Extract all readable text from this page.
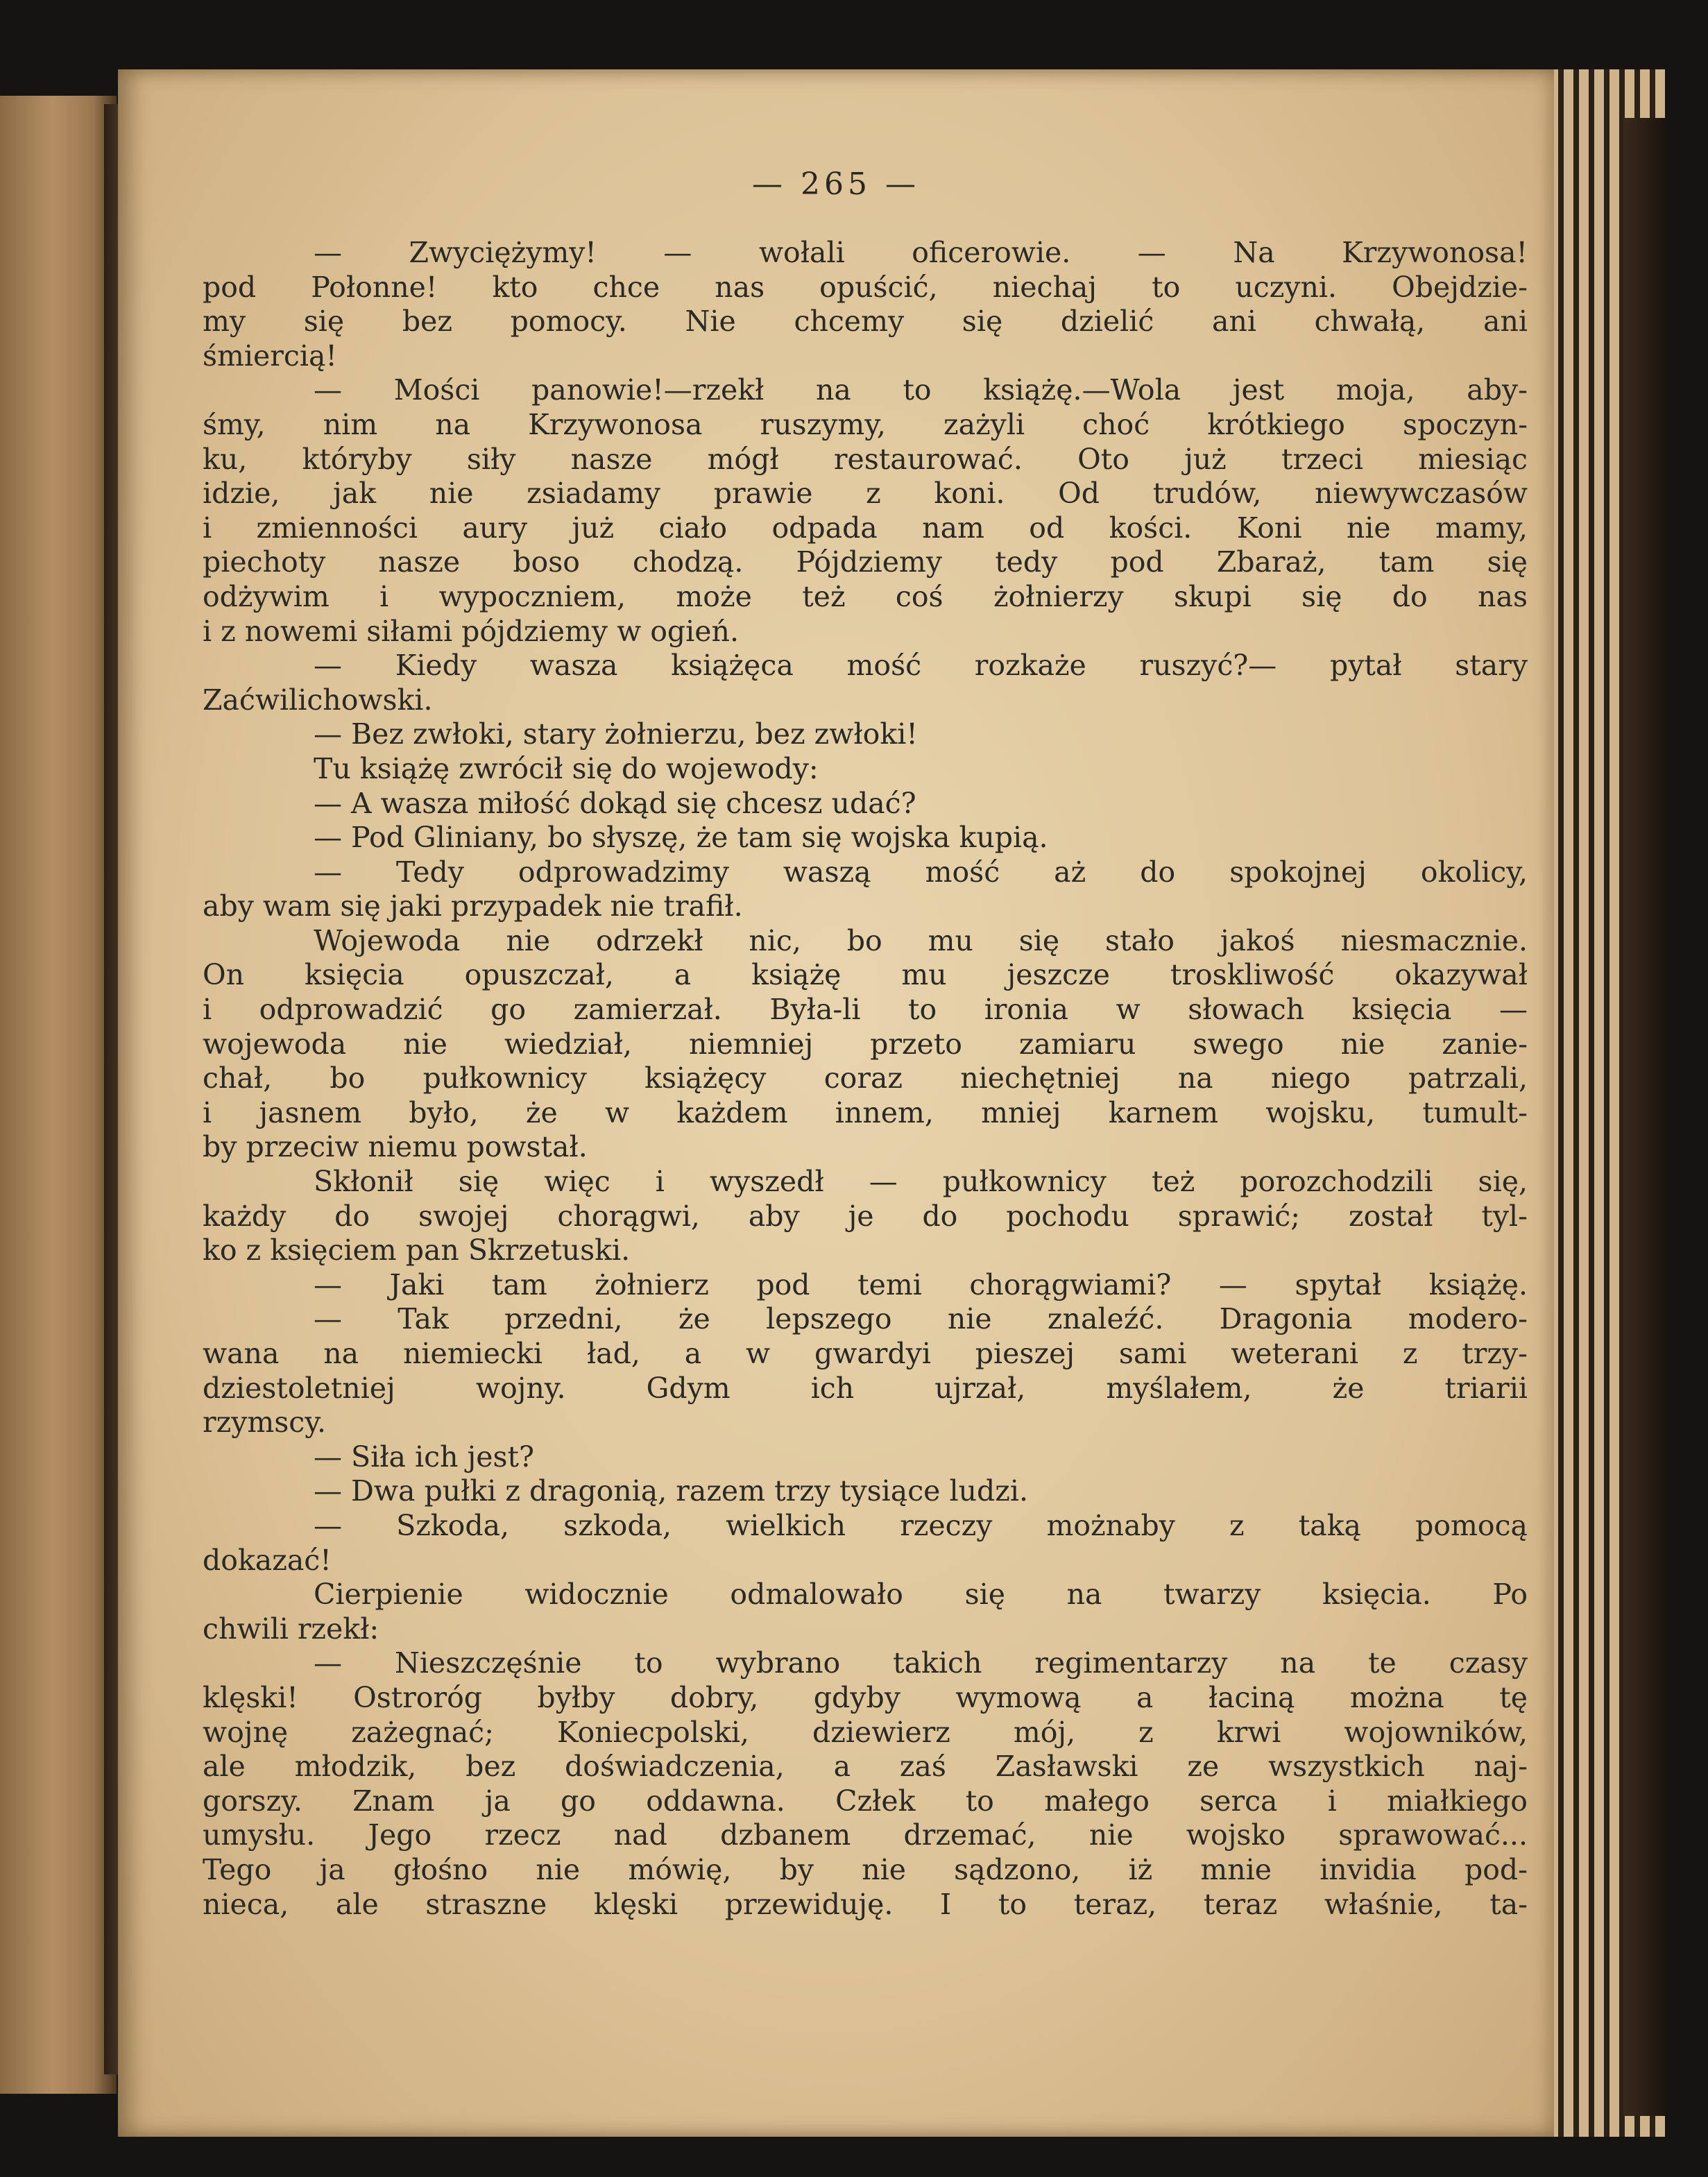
— 265 —
— Zwyciężymy! — wołali oficerowie. — Na Krzywonosa!
pod Połonne! kto chce nas opuścić, niechaj to uczyni. Obejdzie-
my się bez pomocy. Nie chcemy się dzielić ani chwałą, ani
śmiercią!
— Mości panowie!—rzekł na to książę.—Wola jest moja, aby-
śmy, nim na Krzywonosa ruszymy, zażyli choć krótkiego spoczyn-
ku, któryby siły nasze mógł restaurować. Oto już trzeci miesiąc
idzie, jak nie zsiadamy prawie z koni. Od trudów, niewywczasów
i zmienności aury już ciało odpada nam od kości. Koni nie mamy,
piechoty nasze boso chodzą. Pójdziemy tedy pod Zbaraż, tam się
odżywim i wypoczniem, może też coś żołnierzy skupi się do nas
i z nowemi siłami pójdziemy w ogień.
— Kiedy wasza książęca mość rozkaże ruszyć?— pytał stary
Zaćwilichowski.
— Bez zwłoki, stary żołnierzu, bez zwłoki!
Tu książę zwrócił się do wojewody:
— A wasza miłość dokąd się chcesz udać?
— Pod Gliniany, bo słyszę, że tam się wojska kupią.
— Tedy odprowadzimy waszą mość aż do spokojnej okolicy,
aby wam się jaki przypadek nie trafił.
Wojewoda nie odrzekł nic, bo mu się stało jakoś niesmacznie.
On księcia opuszczał, a książę mu jeszcze troskliwość okazywał
i odprowadzić go zamierzał. Była-li to ironia w słowach księcia —
wojewoda nie wiedział, niemniej przeto zamiaru swego nie zanie-
chał, bo pułkownicy książęcy coraz niechętniej na niego patrzali,
i jasnem było, że w każdem innem, mniej karnem wojsku, tumult-
by przeciw niemu powstał.
Skłonił się więc i wyszedł — pułkownicy też porozchodzili się,
każdy do swojej chorągwi, aby je do pochodu sprawić; został tyl-
ko z księciem pan Skrzetuski.
— Jaki tam żołnierz pod temi chorągwiami? — spytał książę.
— Tak przedni, że lepszego nie znaleźć. Dragonia modero-
wana na niemiecki ład, a w gwardyi pieszej sami weterani z trzy-
dziestoletniej wojny. Gdym ich ujrzał, myślałem, że triarii
rzymscy.
— Siła ich jest?
— Dwa pułki z dragonią, razem trzy tysiące ludzi.
— Szkoda, szkoda, wielkich rzeczy możnaby z taką pomocą
dokazać!
Cierpienie widocznie odmalowało się na twarzy księcia. Po
chwili rzekł:
— Nieszczęśnie to wybrano takich regimentarzy na te czasy
klęski! Ostroróg byłby dobry, gdyby wymową a łaciną można tę
wojnę zażegnać; Koniecpolski, dziewierz mój, z krwi wojowników,
ale młodzik, bez doświadczenia, a zaś Zasławski ze wszystkich naj-
gorszy. Znam ja go oddawna. Człek to małego serca i miałkiego
umysłu. Jego rzecz nad dzbanem drzemać, nie wojsko sprawować...
Tego ja głośno nie mówię, by nie sądzono, iż mnie invidia pod-
nieca, ale straszne klęski przewiduję. I to teraz, teraz właśnie, ta-
